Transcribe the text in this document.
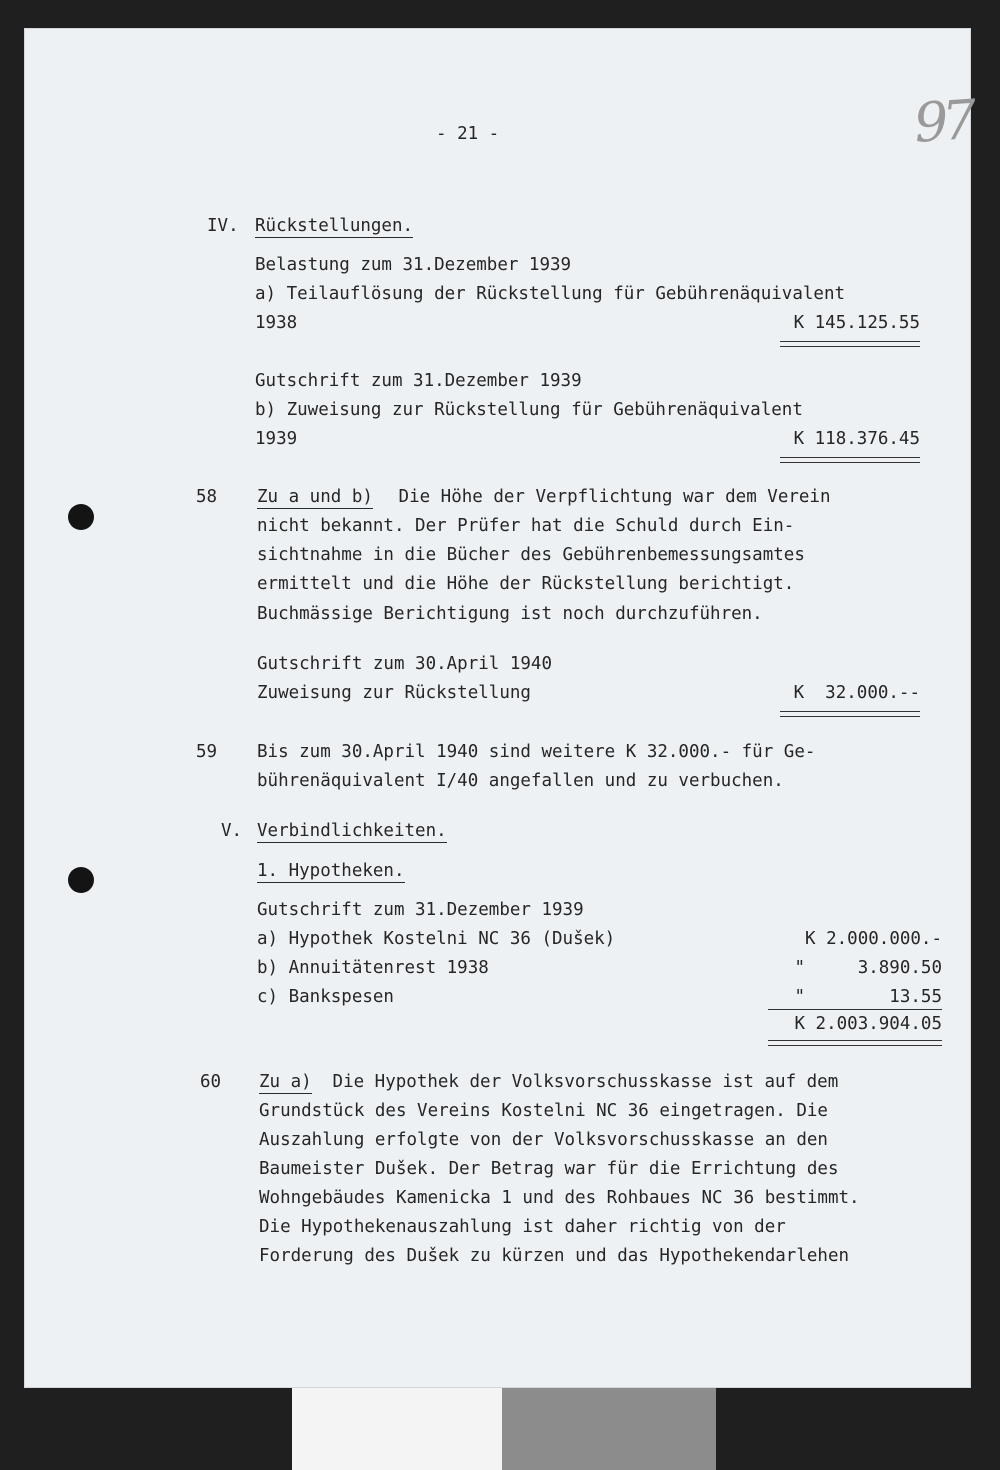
- 21 -	97
IV. Rückstellungen.
Belastung zum 31.Dezember 1939
a) Teilauflösung der Rückstellung für Gebührenäquivalent
1938	K 145.125.55
Gutschrift zum 31.Dezember 1939
b) Zuweisung zur Rückstellung für Gebührenäquivalent
1939	K 118.376.45
58 Zu a und b) Die Höhe der Verpflichtung war dem Verein
nicht bekannt. Der Prüfer hat die Schuld durch Ein-
sichtnahme in die Bücher des Gebührenbemessungsamtes
ermittelt und die Höhe der Rückstellung berichtigt.
Buchmässige Berichtigung ist noch durchzuführen.
Gutschrift zum 30.April 1940
Zuweisung zur Rückstellung	K  32.000.--
59 Bis zum 30.April 1940 sind weitere K 32.000.- für Ge-
bührenäquivalent I/40 angefallen und zu verbuchen.
V. Verbindlichkeiten.
1. Hypotheken.
Gutschrift zum 31.Dezember 1939
a) Hypothek Kostelni NC 36 (Dušek)	K 2.000.000.-
b) Annuitätenrest 1938	"     3.890.50
c) Bankspesen	"        13.55
K 2.003.904.05
60 Zu a) Die Hypothek der Volksvorschusskasse ist auf dem
Grundstück des Vereins Kostelni NC 36 eingetragen. Die
Auszahlung erfolgte von der Volksvorschusskasse an den
Baumeister Dušek. Der Betrag war für die Errichtung des
Wohngebäudes Kamenicka 1 und des Rohbaues NC 36 bestimmt.
Die Hypothekenauszahlung ist daher richtig von der
Forderung des Dušek zu kürzen und das Hypothekendarlehen
